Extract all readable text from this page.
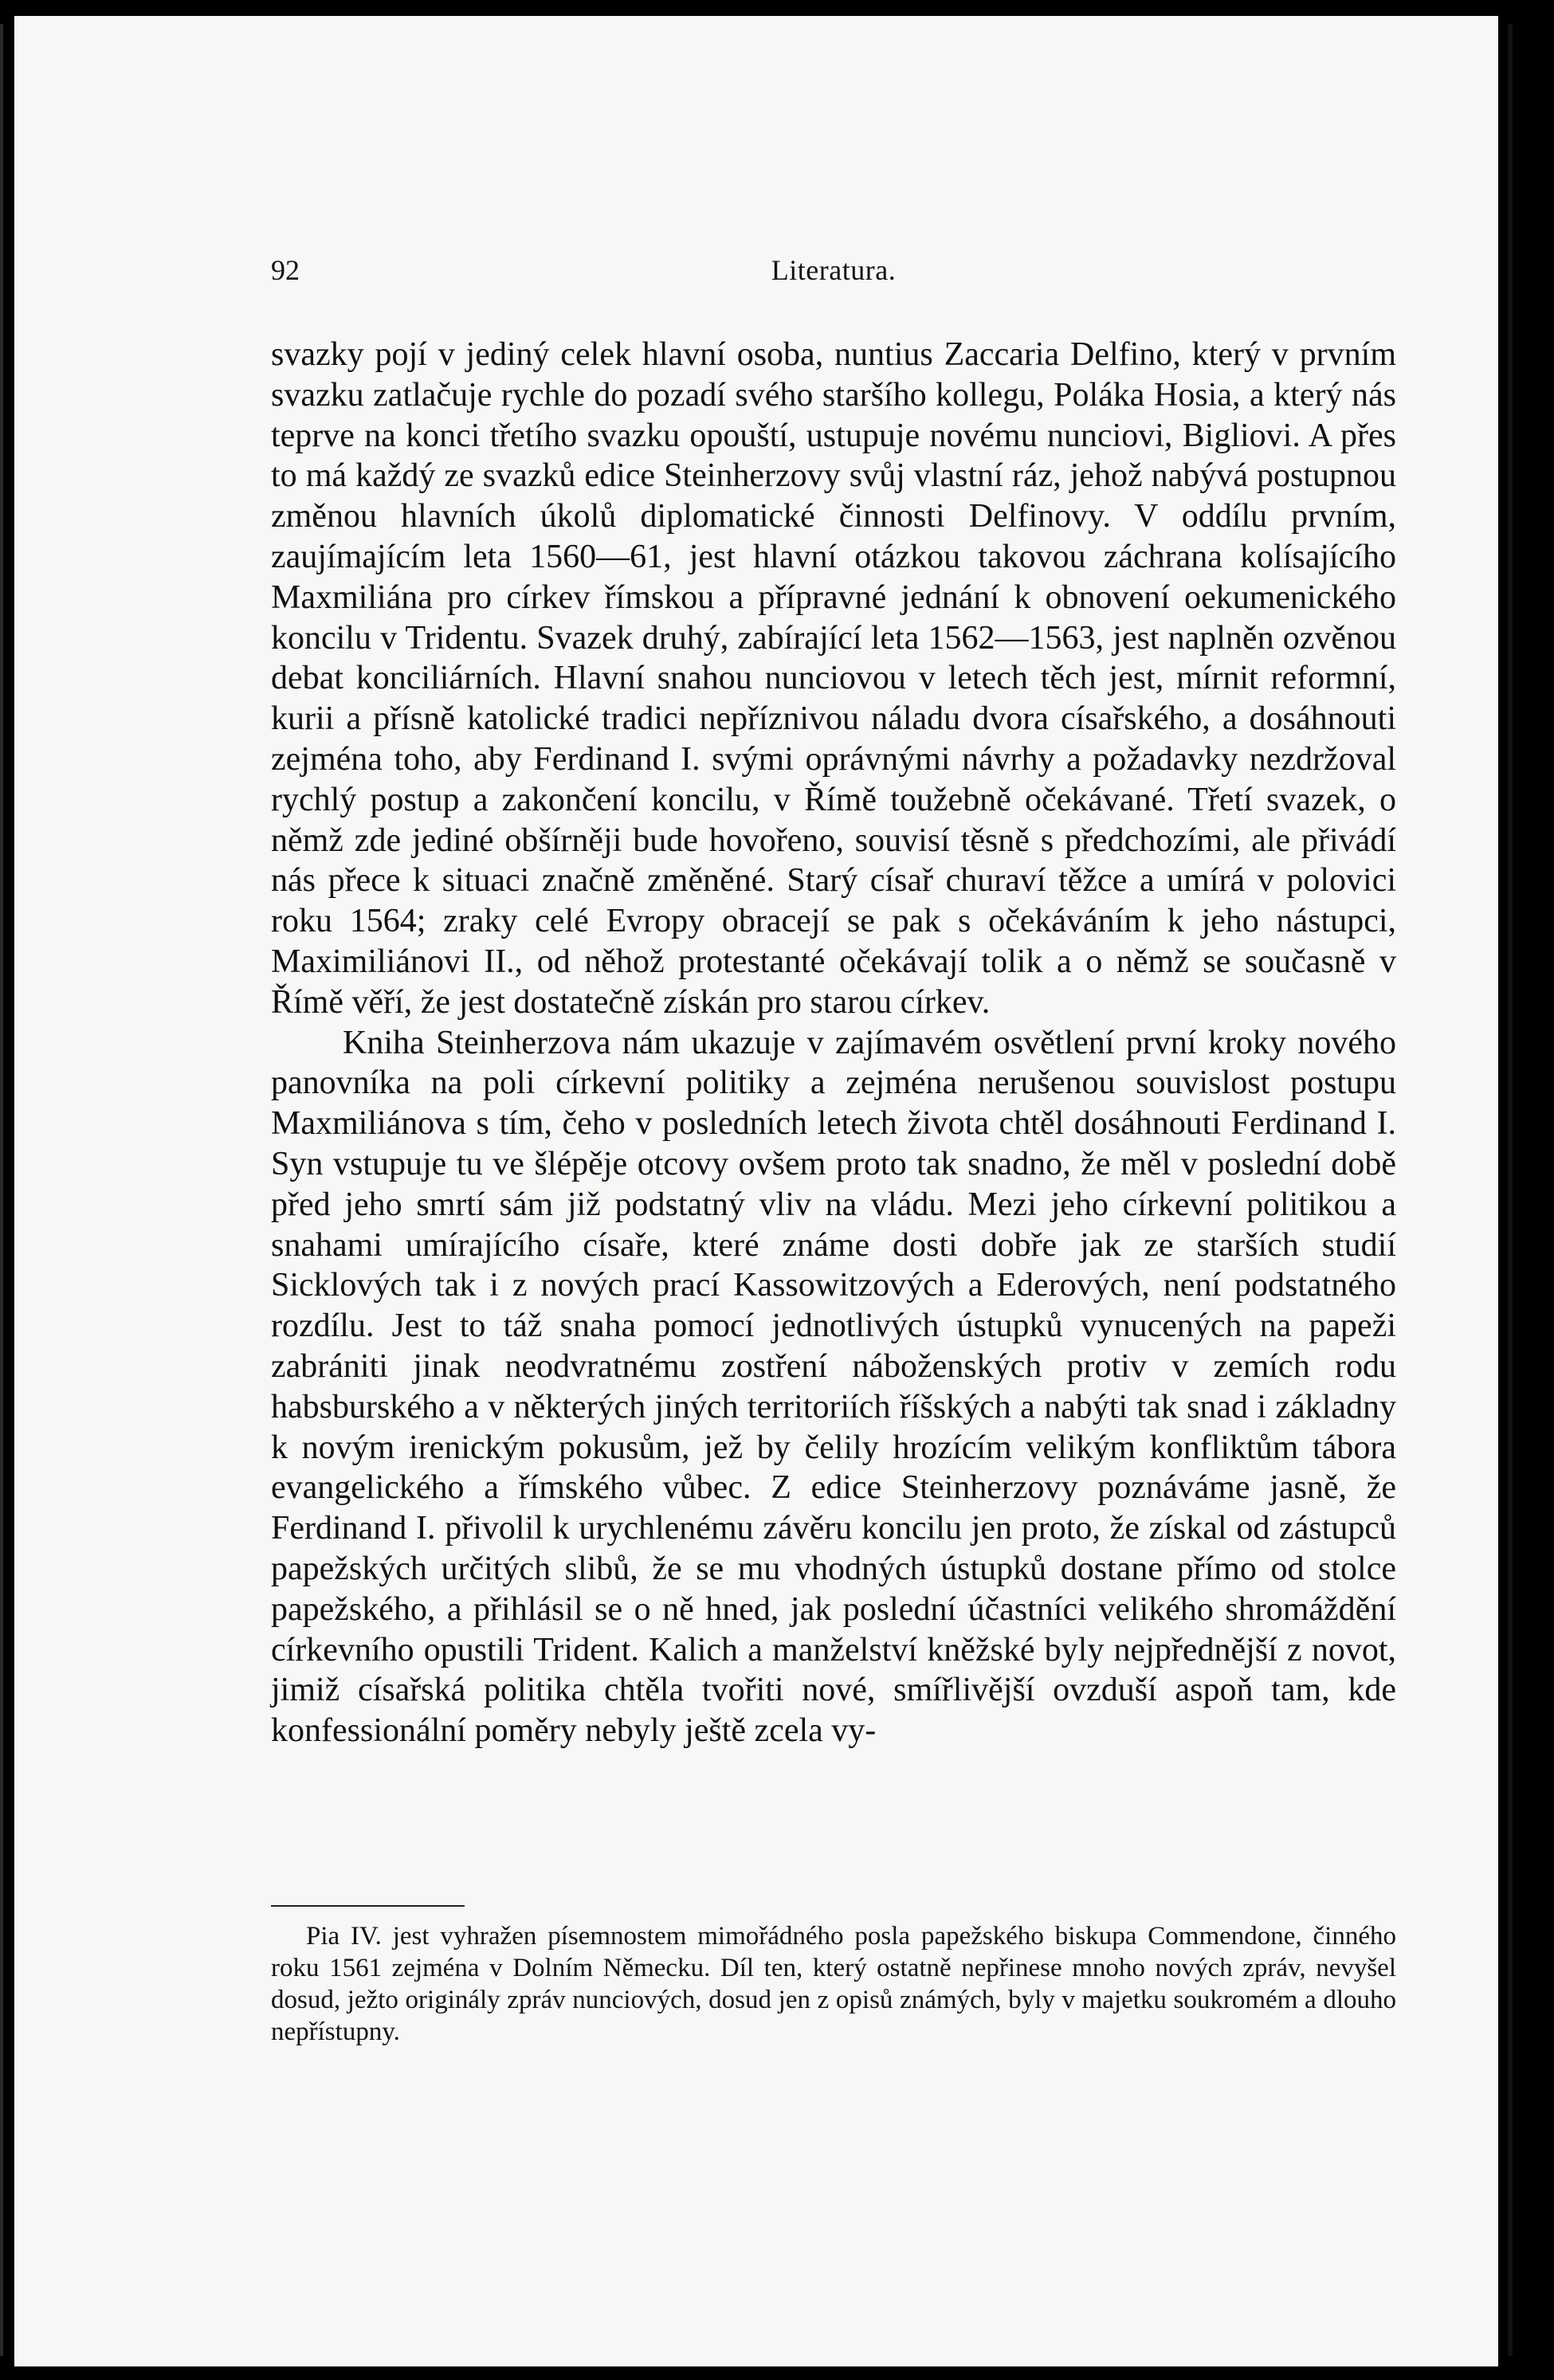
92	Literatura.

svazky pojí v jediný celek hlavní osoba, nuntius Zaccaria Delfino, který v prvním svazku zatlačuje rychle do pozadí svého staršího kollegu, Poláka Hosia, a který nás teprve na konci třetího svazku opouští, ustupuje novému nunciovi, Bigliovi. A přes to má každý ze svazků edice Steinherzovy svůj vlastní ráz, jehož nabývá postupnou změnou hlavních úkolů diplomatické činnosti Delfinovy. V oddílu prvním, zaujímajícím leta 1560—61, jest hlavní otázkou takovou záchrana kolísajícího Maxmiliána pro církev římskou a přípravné jednání k obnovení oekumenického koncilu v Tridentu. Svazek druhý, zabírající leta 1562—1563, jest naplněn ozvěnou debat konciliárních. Hlavní snahou nunciovou v letech těch jest, mírnit reformní, kurii a přísně katolické tradici nepříznivou náladu dvora císařského, a dosáhnouti zejména toho, aby Ferdinand I. svými oprávnými návrhy a požadavky nezdržoval rychlý postup a zakončení koncilu, v Římě toužebně očekávané. Třetí svazek, o němž zde jediné obšírněji bude hovořeno, souvisí těsně s předchozími, ale přivádí nás přece k situaci značně změněné. Starý císař churaví těžce a umírá v polovici roku 1564; zraky celé Evropy obracejí se pak s očekáváním k jeho nástupci, Maximiliánovi II., od něhož protestanté očekávají tolik a o němž se současně v Římě věří, že jest dostatečně získán pro starou církev.

Kniha Steinherzova nám ukazuje v zajímavém osvětlení první kroky nového panovníka na poli církevní politiky a zejména nerušenou souvislost postupu Maxmiliánova s tím, čeho v posledních letech života chtěl dosáhnouti Ferdinand I. Syn vstupuje tu ve šlépěje otcovy ovšem proto tak snadno, že měl v poslední době před jeho smrtí sám již podstatný vliv na vládu. Mezi jeho církevní politikou a snahami umírajícího císaře, které známe dosti dobře jak ze starších studií Sicklových tak i z nových prací Kassowitzových a Ederových, není podstatného rozdílu. Jest to táž snaha pomocí jednotlivých ústupků vynucených na papeži zabrániti jinak neodvratnému zostření náboženských protiv v zemích rodu habsburského a v některých jiných territoriích říšských a nabýti tak snad i základny k novým irenickým pokusům, jež by čelily hrozícím velikým konfliktům tábora evangelického a římského vůbec. Z edice Steinherzovy poznáváme jasně, že Ferdinand I. přivolil k urychlenému závěru koncilu jen proto, že získal od zástupců papežských určitých slibů, že se mu vhodných ústupků dostane přímo od stolce papežského, a přihlásil se o ně hned, jak poslední účastníci velikého shromáždění církevního opustili Trident. Kalich a manželství kněžské byly nejpřednější z novot, jimiž císařská politika chtěla tvořiti nové, smířlivější ovzduší aspoň tam, kde konfessionální poměry nebyly ještě zcela vy-

Pia IV. jest vyhražen písemnostem mimořádného posla papežského biskupa Commendone, činného roku 1561 zejména v Dolním Německu. Díl ten, který ostatně nepřinese mnoho nových zpráv, nevyšel dosud, ježto originály zpráv nunciových, dosud jen z opisů známých, byly v majetku soukromém a dlouho nepřístupny.
